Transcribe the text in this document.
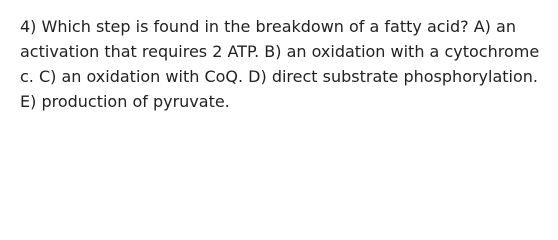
4) Which step is found in the breakdown of a fatty acid? A) an
activation that requires 2 ATP. B) an oxidation with a cytochrome
c. C) an oxidation with CoQ. D) direct substrate phosphorylation.
E) production of pyruvate.
